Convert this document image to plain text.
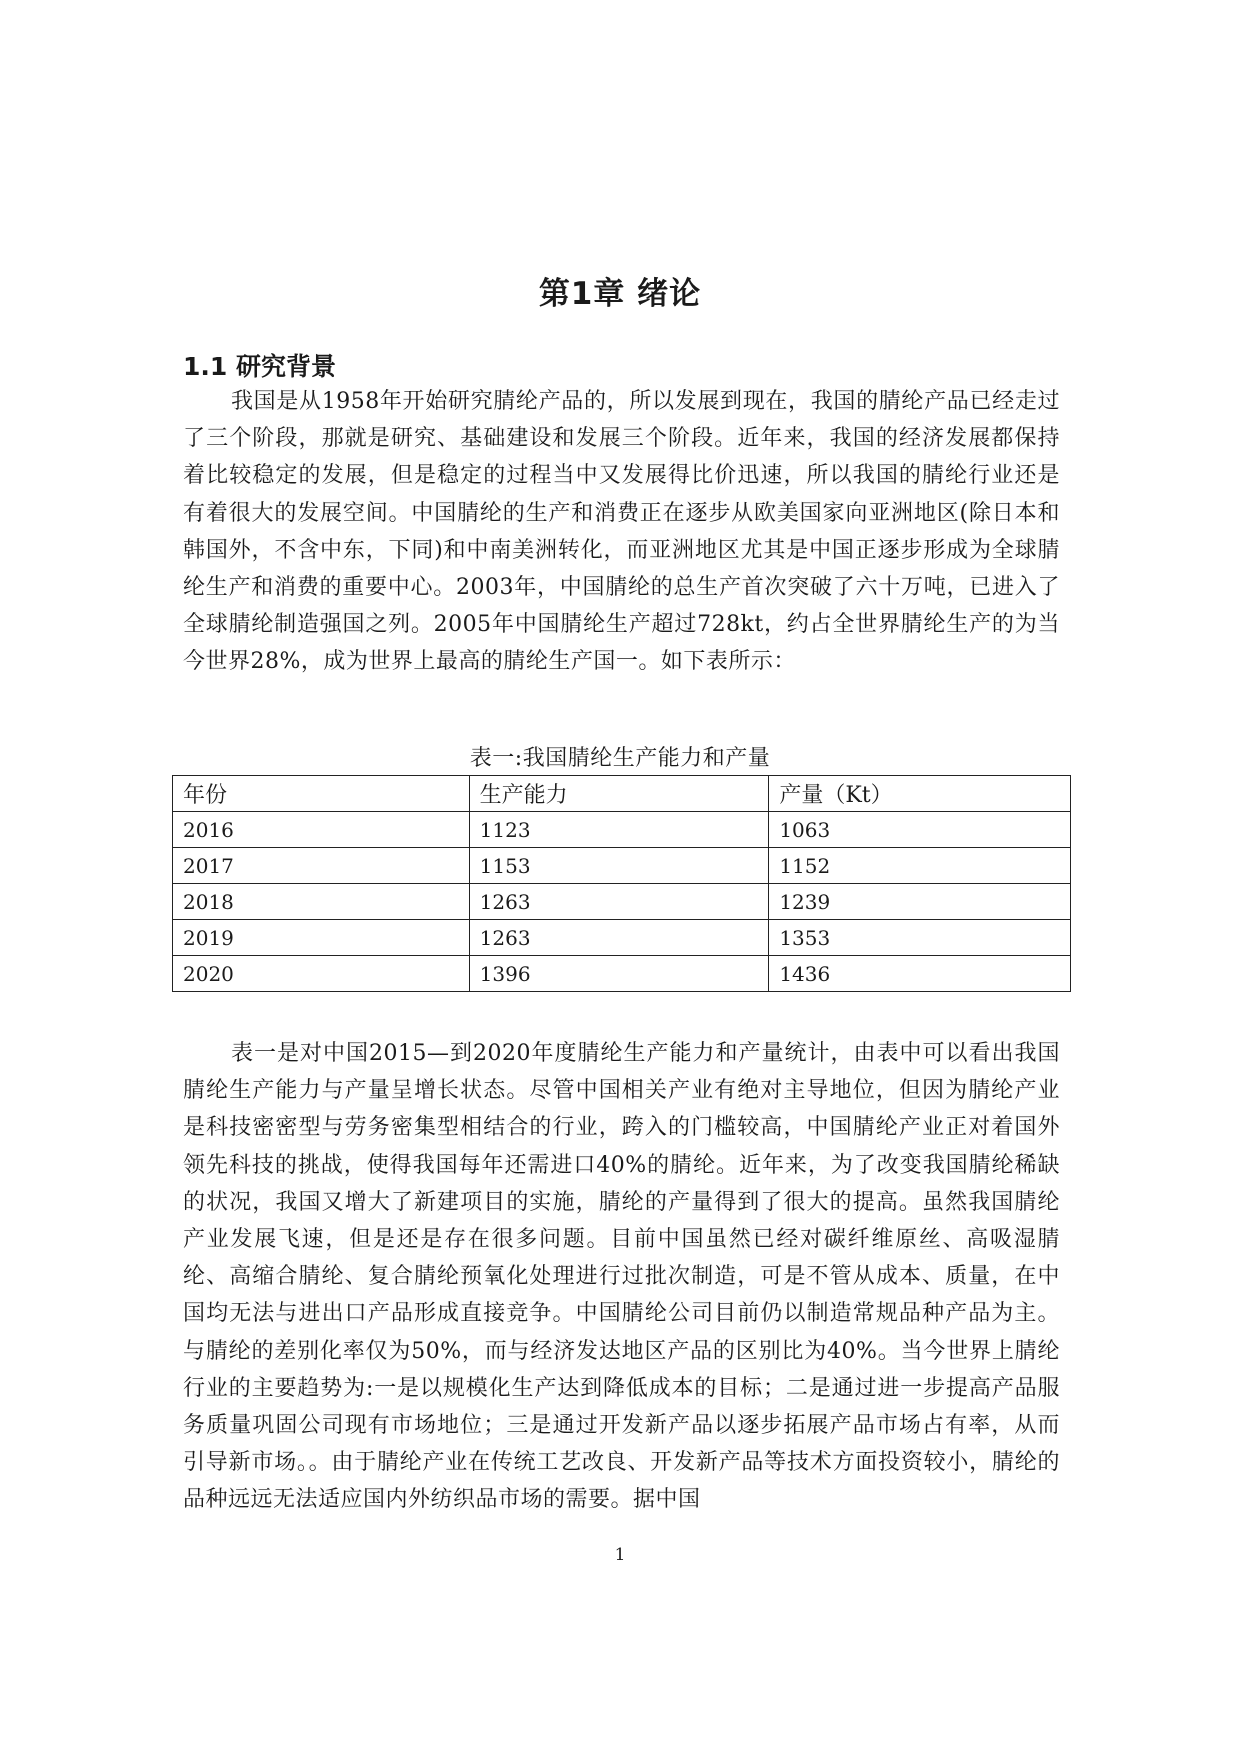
第1章 绪论
1.1 研究背景

我国是从1958年开始研究腈纶产品的，所以发展到现在，我国的腈纶产品已经走过了三个阶段，那就是研究、基础建设和发展三个阶段。近年来，我国的经济发展都保持着比较稳定的发展，但是稳定的过程当中又发展得比价迅速，所以我国的腈纶行业还是有着很大的发展空间。中国腈纶的生产和消费正在逐步从欧美国家向亚洲地区(除日本和韩国外，不含中东，下同)和中南美洲转化，而亚洲地区尤其是中国正逐步形成为全球腈纶生产和消费的重要中心。2003年，中国腈纶的总生产首次突破了六十万吨，已进入了全球腈纶制造强国之列。2005年中国腈纶生产超过728kt，约占全世界腈纶生产的为当今世界28%，成为世界上最高的腈纶生产国一。如下表所示：

表一:我国腈纶生产能力和产量

年份	生产能力	产量（Kt）
2016	1123	1063
2017	1153	1152
2018	1263	1239
2019	1263	1353
2020	1396	1436

表一是对中国2015—到2020年度腈纶生产能力和产量统计，由表中可以看出我国腈纶生产能力与产量呈增长状态。尽管中国相关产业有绝对主导地位，但因为腈纶产业是科技密密型与劳务密集型相结合的行业，跨入的门槛较高，中国腈纶产业正对着国外领先科技的挑战，使得我国每年还需进口40%的腈纶。近年来，为了改变我国腈纶稀缺的状况，我国又增大了新建项目的实施，腈纶的产量得到了很大的提高。虽然我国腈纶产业发展飞速，但是还是存在很多问题。目前中国虽然已经对碳纤维原丝、高吸湿腈纶、高缩合腈纶、复合腈纶预氧化处理进行过批次制造，可是不管从成本、质量，在中国均无法与进出口产品形成直接竞争。中国腈纶公司目前仍以制造常规品种产品为主。与腈纶的差别化率仅为50%，而与经济发达地区产品的区别比为40%。当今世界上腈纶行业的主要趋势为:一是以规模化生产达到降低成本的目标；二是通过进一步提高产品服务质量巩固公司现有市场地位；三是通过开发新产品以逐步拓展产品市场占有率，从而引导新市场。。由于腈纶产业在传统工艺改良、开发新产品等技术方面投资较小，腈纶的品种远远无法适应国内外纺织品市场的需要。据中国

1
